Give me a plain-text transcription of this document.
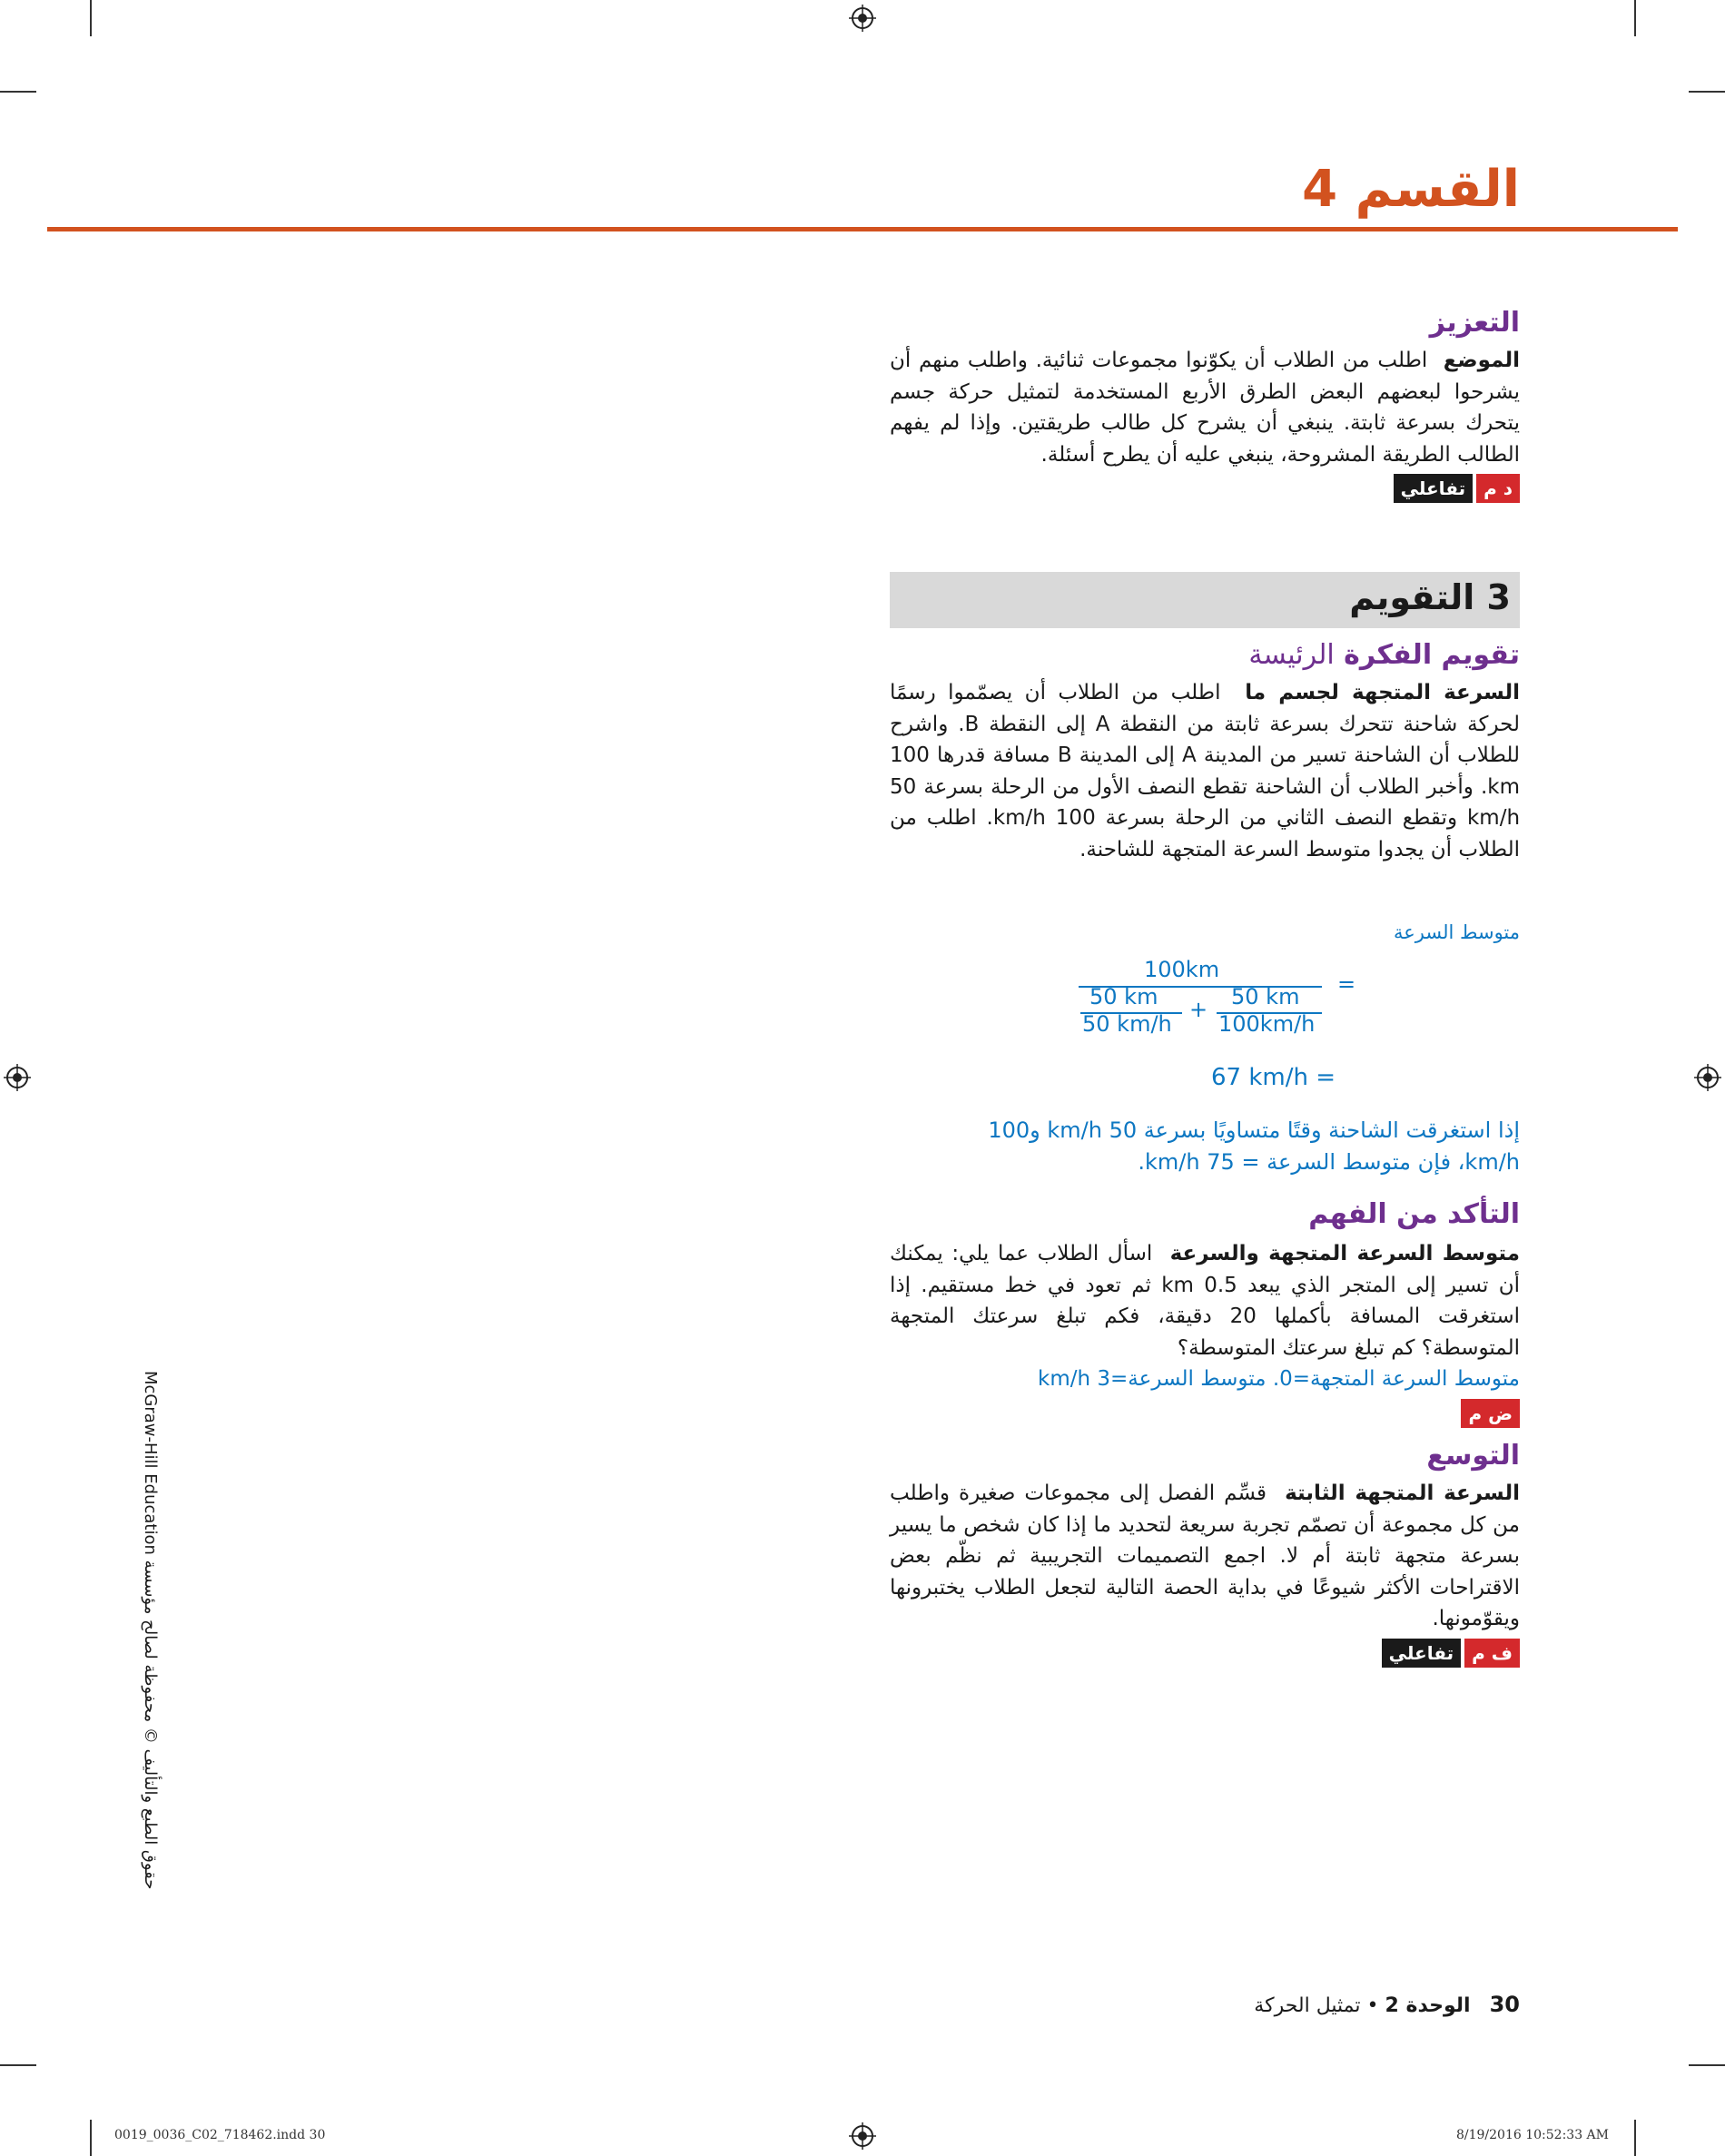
القسم 4
التعزيز
الموضع  اطلب من الطلاب أن يكوّنوا مجموعات ثنائية. واطلب منهم أن يشرحوا لبعضهم البعض الطرق الأربع المستخدمة لتمثيل حركة جسم يتحرك بسرعة ثابتة. ينبغي أن يشرح كل طالب طريقتين. وإذا لم يفهم الطالب الطريقة المشروحة، ينبغي عليه أن يطرح أسئلة.
د م
تفاعلي
3 التقويم
تقويم الفكرة الرئيسة
السرعة المتجهة لجسم ما  اطلب من الطلاب أن يصمّموا رسمًا لحركة شاحنة تتحرك بسرعة ثابتة من النقطة A إلى النقطة B. واشرح للطلاب أن الشاحنة تسير من المدينة A إلى المدينة B مسافة قدرها 100 km. وأخبر الطلاب أن الشاحنة تقطع النصف الأول من الرحلة بسرعة 50 km/h وتقطع النصف الثاني من الرحلة بسرعة 100 km/h. اطلب من الطلاب أن يجدوا متوسط السرعة المتجهة للشاحنة.
متوسط السرعة
100km
=
50 km
50 km/h
+ 50 km
100km/h
67 km/h =
إذا استغرقت الشاحنة وقتًا متساويًا بسرعة 50 km/h و100
km/h، فإن متوسط السرعة = 75 km/h.
التأكد من الفهم
متوسط السرعة المتجهة والسرعة  اسأل الطلاب عما يلي: يمكنك أن تسير إلى المتجر الذي يبعد 0.5 km ثم تعود في خط مستقيم. إذا استغرقت المسافة بأكملها 20 دقيقة، فكم تبلغ سرعتك المتجهة المتوسطة؟ كم تبلغ سرعتك المتوسطة؟
متوسط السرعة المتجهة=0. متوسط السرعة=3 km/h
ض م
التوسع
السرعة المتجهة الثابتة  قسِّم الفصل إلى مجموعات صغيرة واطلب من كل مجموعة أن تصمّم تجربة سريعة لتحديد ما إذا كان شخص ما يسير بسرعة متجهة ثابتة أم لا. اجمع التصميمات التجريبية ثم نظّم بعض الاقتراحات الأكثر شيوعًا في بداية الحصة التالية لتجعل الطلاب يختبرونها ويقوّمونها.
ف م
تفاعلي
حقوق الطبع والتأليف © محفوظة لصالح مؤسسة McGraw-Hill Education
30   الوحدة 2 • تمثيل الحركة
0019_0036_C02_718462.indd 30	8/19/2016 10:52:33 AM
